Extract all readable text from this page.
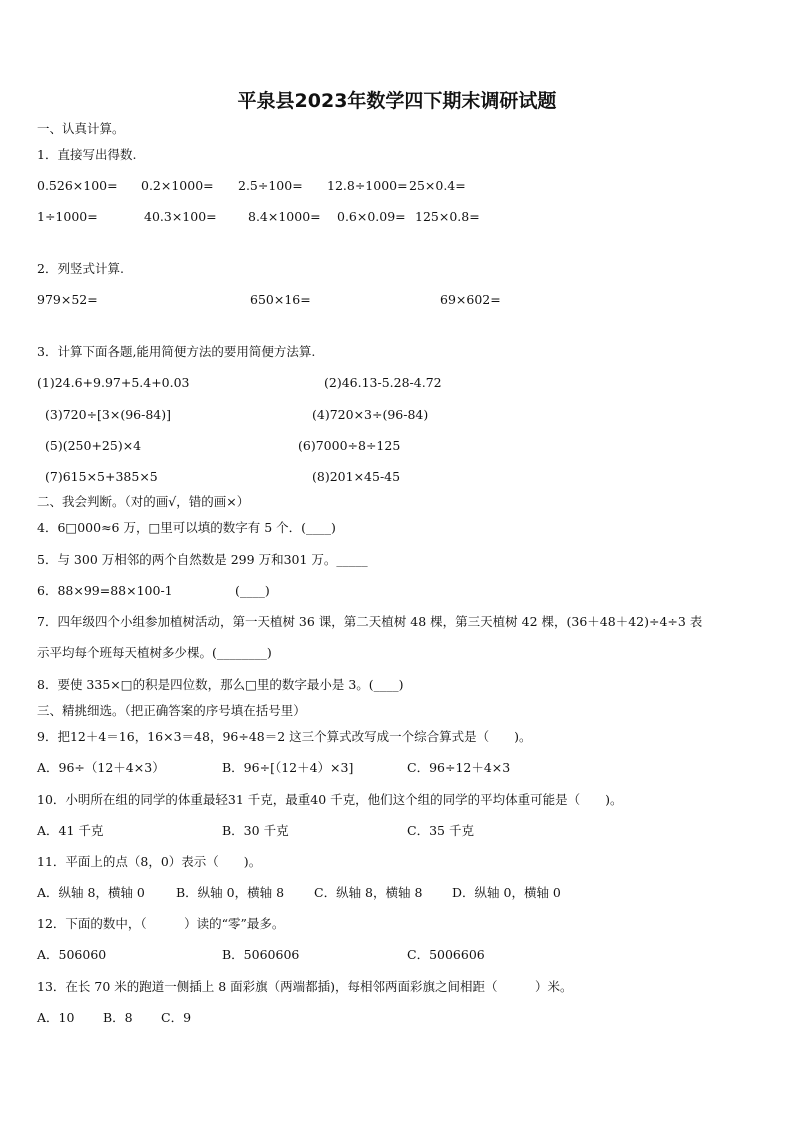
平泉县2023年数学四下期末调研试题
一、认真计算。
1．直接写出得数.
0.526×100= 0.2×1000= 2.5÷100= 12.8÷1000= 25×0.4=
1÷1000=	40.3×100=	8.4×1000= 0.6×0.09= 125×0.8=
2．列竖式计算.
979×52=	650×16=	69×602=
3．计算下面各题,能用简便方法的要用简便方法算.
(1)24.6+9.97+5.4+0.03	(2)46.13-5.28-4.72
(3)720÷[3×(96-84)]	(4)720×3÷(96-84)
(5)(250+25)×4	(6)7000÷8÷125
(7)615×5+385×5	(8)201×45-45
二、我会判断。（对的画√，错的画×）
4．6□000≈6 万，□里可以填的数字有 5 个．(____)
5．与 300 万相邻的两个自然数是 299 万和301 万。_____
6．88×99=88×100-1	(____)
7．四年级四个小组参加植树活动，第一天植树 36 课，第二天植树 48 棵，第三天植树 42 棵，(36＋48＋42)÷4÷3 表
示平均每个班每天植树多少棵。(________)
8．要使 335×□的积是四位数，那么□里的数字最小是 3。(____)
三、精挑细选。（把正确答案的序号填在括号里）
9．把12＋4＝16，16×3＝48，96÷48＝2 这三个算式改写成一个综合算式是（　　)。
A．96÷（12＋4×3）	B．96÷[（12＋4）×3]	C．96÷12＋4×3
10．小明所在组的同学的体重最轻31 千克，最重40 千克，他们这个组的同学的平均体重可能是（　　)。
A．41 千克	B．30 千克	C．35 千克
11．平面上的点（8，0）表示（　　)。
A．纵轴 8，横轴 0 B．纵轴 0，横轴 8 C．纵轴 8，横轴 8 D．纵轴 0，横轴 0
12．下面的数中，（　　　）读的“零”最多。
A．506060	B．5060606	C．5006606
13．在长 70 米的跑道一侧插上 8 面彩旗（两端都插)，每相邻两面彩旗之间相距（　　　）米。
A．10 B．8 C．9
